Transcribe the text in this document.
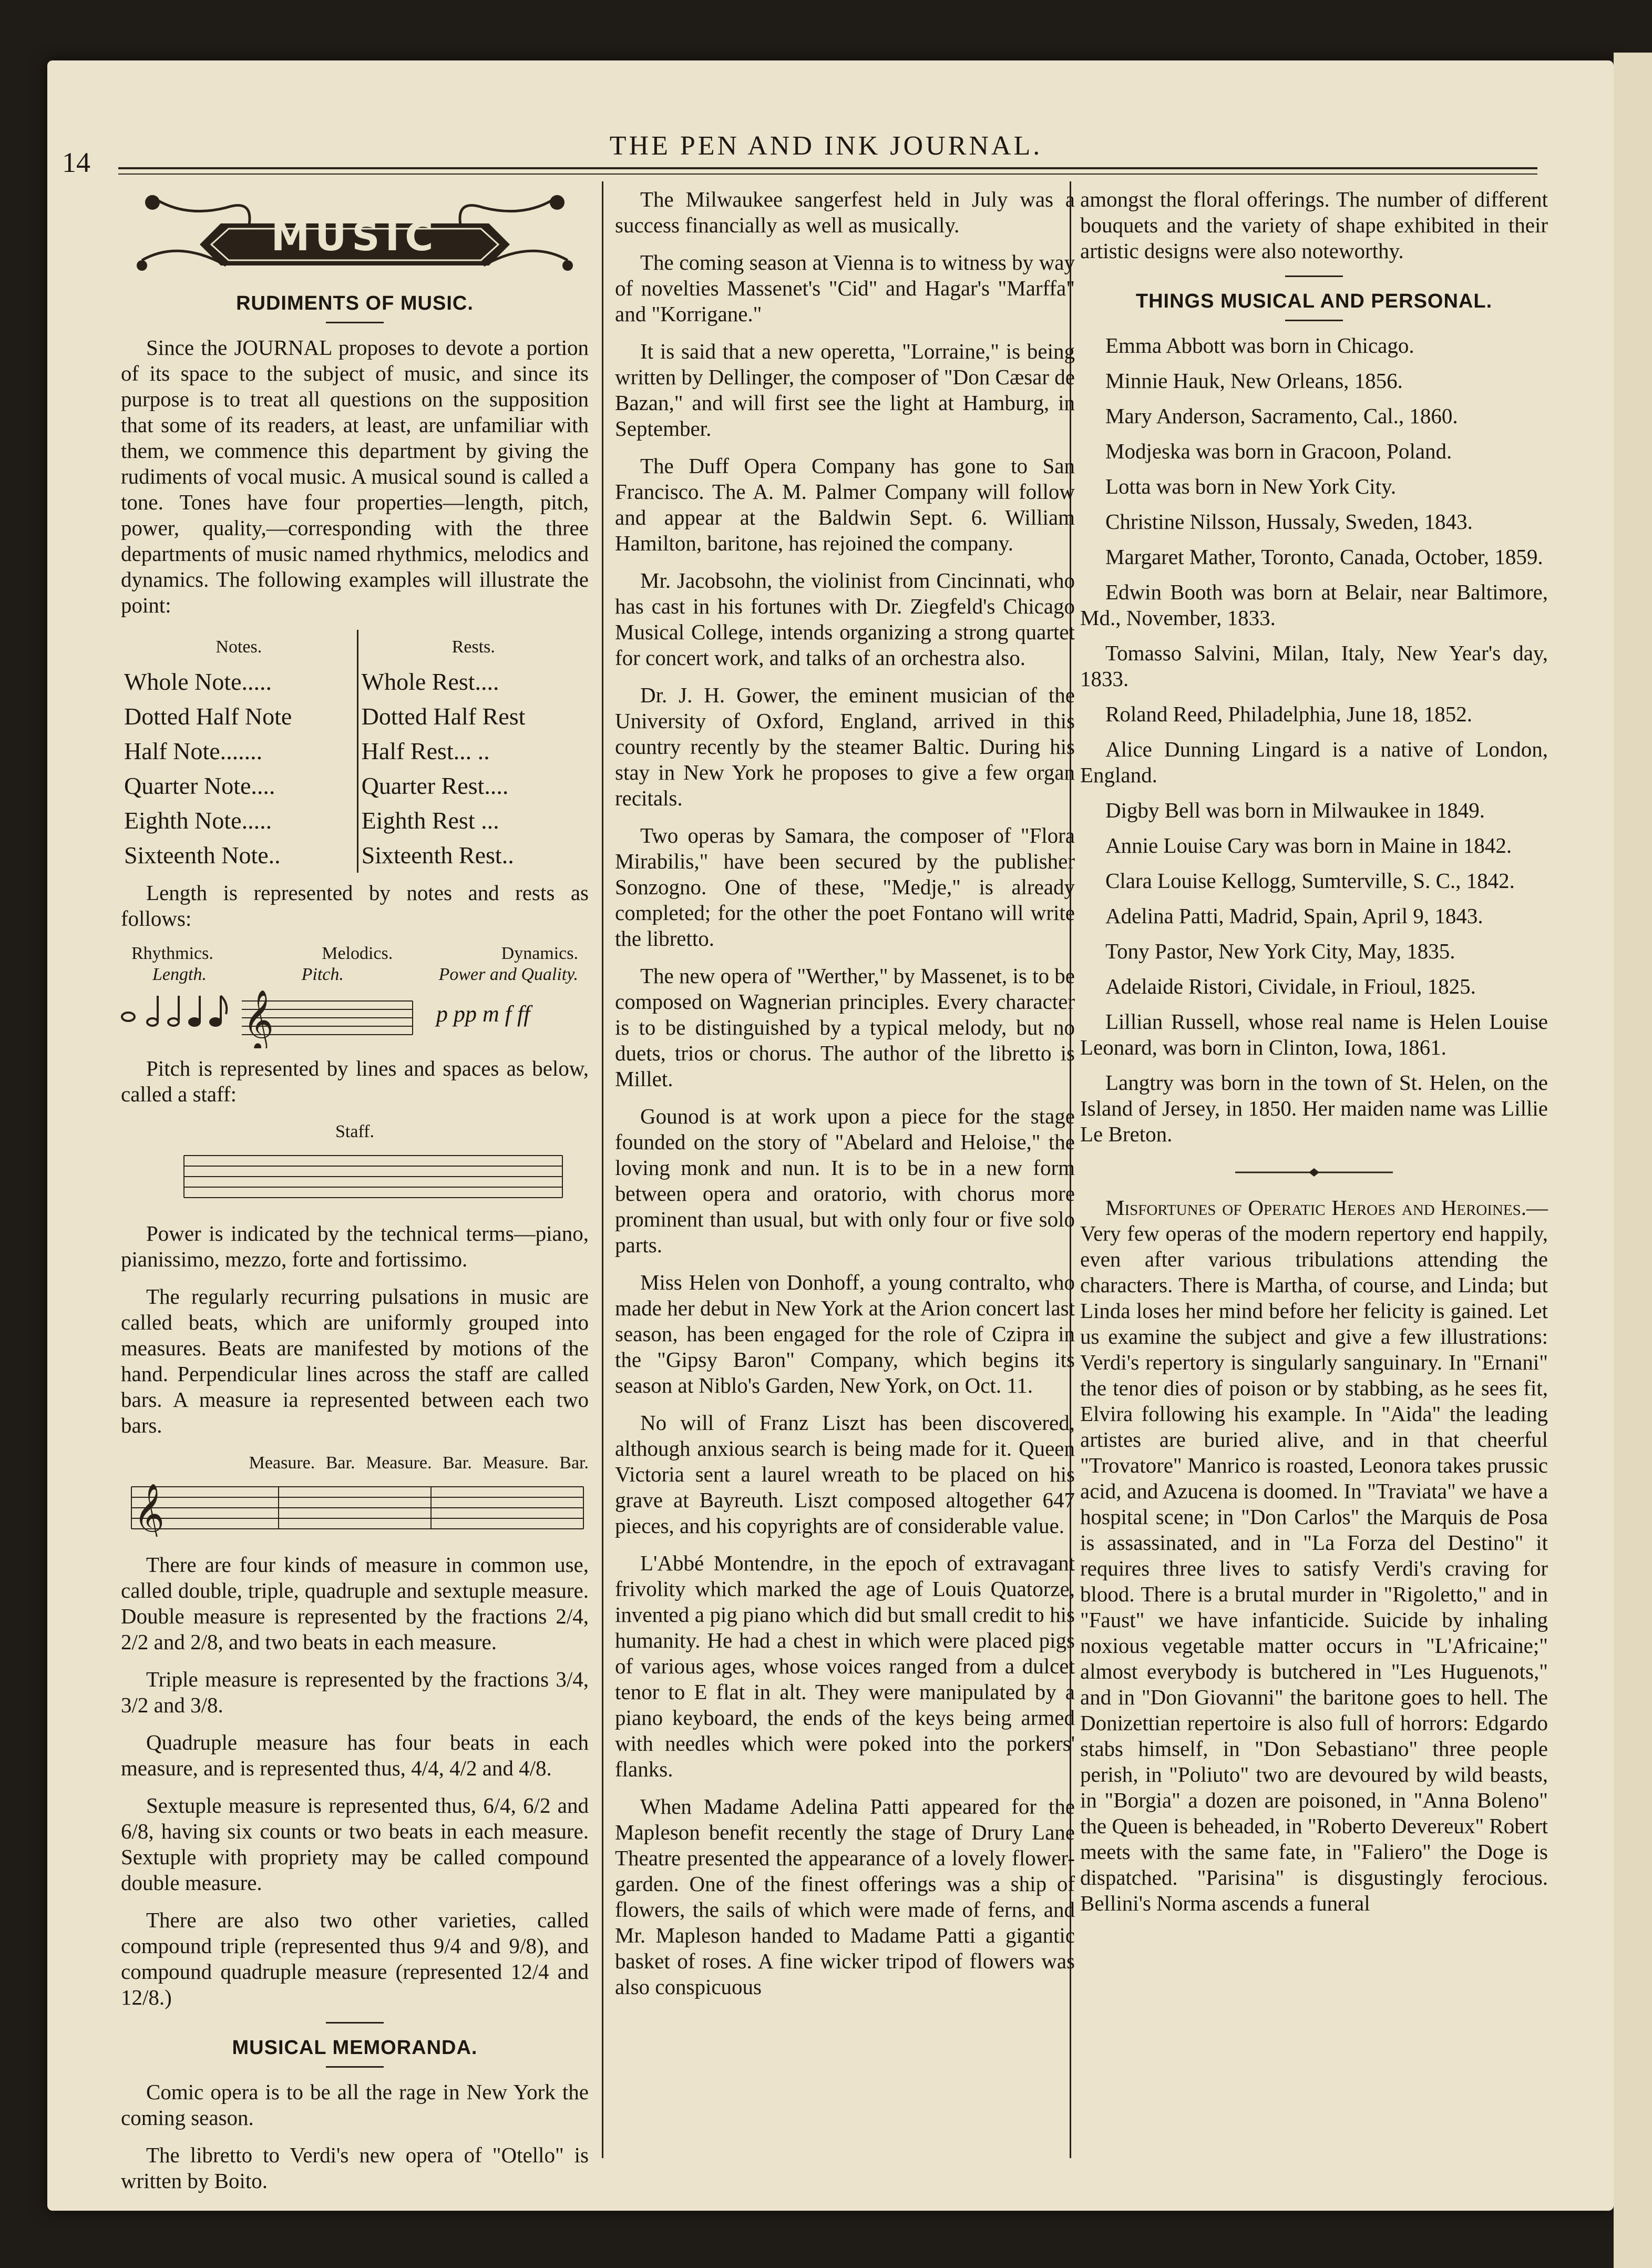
14
THE PEN AND INK JOURNAL.
MUSIC
RUDIMENTS OF MUSIC.

Since the JOURNAL proposes to devote a portion of its space to the subject of music, and since its purpose is to treat all questions on the supposition that some of its readers, at least, are unfamiliar with them, we commence this department by giving the rudiments of vocal music. A musical sound is called a tone. Tones have four properties—length, pitch, power, quality,—corresponding with the three departments of music named rhythmics, melodics and dynamics. The following examples will illustrate the point:

Notes.	Rests.
Whole Note.....	Whole Rest....
Dotted Half Note	Dotted Half Rest
Half Note.......	Half Rest... ..
Quarter Note....	Quarter Rest....
Eighth Note.....	Eighth Rest ...
Sixteenth Note..	Sixteenth Rest..

Length is represented by notes and rests as follows:

Rhythmics.	Melodics.	Dynamics.
Length.	Pitch.	Power and Quality.
𝄞	p pp m f ff

Pitch is represented by lines and spaces as below, called a staff:

Staff.

Power is indicated by the technical terms—piano, pianissimo, mezzo, forte and fortissimo.

The regularly recurring pulsations in music are called beats, which are uniformly grouped into measures. Beats are manifested by motions of the hand. Perpendicular lines across the staff are called bars. A measure ia represented between each two bars.

Measure. Bar. Measure. Bar. Measure. Bar.
𝄞

There are four kinds of measure in common use, called double, triple, quadruple and sextuple measure. Double measure is represented by the fractions 2/4, 2/2 and 2/8, and two beats in each measure.

Triple measure is represented by the fractions 3/4, 3/2 and 3/8.

Quadruple measure has four beats in each measure, and is represented thus, 4/4, 4/2 and 4/8.

Sextuple measure is represented thus, 6/4, 6/2 and 6/8, having six counts or two beats in each measure. Sextuple with propriety may be called compound double measure.

There are also two other varieties, called compound triple (represented thus 9/4 and 9/8), and compound quadruple measure (represented 12/4 and 12/8.)

MUSICAL MEMORANDA.

Comic opera is to be all the rage in New York the coming season.

The libretto to Verdi's new opera of "Otello" is written by Boito.

The Milwaukee sangerfest held in July was a success financially as well as musically.

The coming season at Vienna is to witness by way of novelties Massenet's "Cid" and Hagar's "Marffa" and "Korrigane."

It is said that a new operetta, "Lorraine," is being written by Dellinger, the composer of "Don Cæsar de Bazan," and will first see the light at Hamburg, in September.

The Duff Opera Company has gone to San Francisco. The A. M. Palmer Company will follow and appear at the Baldwin Sept. 6. William Hamilton, baritone, has rejoined the company.

Mr. Jacobsohn, the violinist from Cincinnati, who has cast in his fortunes with Dr. Ziegfeld's Chicago Musical College, intends organizing a strong quartet for concert work, and talks of an orchestra also.

Dr. J. H. Gower, the eminent musician of the University of Oxford, England, arrived in this country recently by the steamer Baltic. During his stay in New York he proposes to give a few organ recitals.

Two operas by Samara, the composer of "Flora Mirabilis," have been secured by the publisher Sonzogno. One of these, "Medje," is already completed; for the other the poet Fontano will write the libretto.

The new opera of "Werther," by Massenet, is to be composed on Wagnerian principles. Every character is to be distinguished by a typical melody, but no duets, trios or chorus. The author of the libretto is Millet.

Gounod is at work upon a piece for the stage founded on the story of "Abelard and Heloise," the loving monk and nun. It is to be in a new form between opera and oratorio, with chorus more prominent than usual, but with only four or five solo parts.

Miss Helen von Donhoff, a young contralto, who made her debut in New York at the Arion concert last season, has been engaged for the role of Czipra in the "Gipsy Baron" Company, which begins its season at Niblo's Garden, New York, on Oct. 11.

No will of Franz Liszt has been discovered, although anxious search is being made for it. Queen Victoria sent a laurel wreath to be placed on his grave at Bayreuth. Liszt composed altogether 647 pieces, and his copyrights are of considerable value.

L'Abbé Montendre, in the epoch of extravagant frivolity which marked the age of Louis Quatorze, invented a pig piano which did but small credit to his humanity. He had a chest in which were placed pigs of various ages, whose voices ranged from a dulcet tenor to E flat in alt. They were manipulated by a piano keyboard, the ends of the keys being armed with needles which were poked into the porkers' flanks.

When Madame Adelina Patti appeared for the Mapleson benefit recently the stage of Drury Lane Theatre presented the appearance of a lovely flower-garden. One of the finest offerings was a ship of flowers, the sails of which were made of ferns, and Mr. Mapleson handed to Madame Patti a gigantic basket of roses. A fine wicker tripod of flowers was also conspicuous

amongst the floral offerings. The number of different bouquets and the variety of shape exhibited in their artistic designs were also noteworthy.

THINGS MUSICAL AND PERSONAL.

Emma Abbott was born in Chicago.

Minnie Hauk, New Orleans, 1856.

Mary Anderson, Sacramento, Cal., 1860.

Modjeska was born in Gracoon, Poland.

Lotta was born in New York City.

Christine Nilsson, Hussaly, Sweden, 1843.

Margaret Mather, Toronto, Canada, October, 1859.

Edwin Booth was born at Belair, near Baltimore, Md., November, 1833.

Tomasso Salvini, Milan, Italy, New Year's day, 1833.

Roland Reed, Philadelphia, June 18, 1852.

Alice Dunning Lingard is a native of London, England.

Digby Bell was born in Milwaukee in 1849.

Annie Louise Cary was born in Maine in 1842.

Clara Louise Kellogg, Sumterville, S. C., 1842.

Adelina Patti, Madrid, Spain, April 9, 1843.

Tony Pastor, New York City, May, 1835.

Adelaide Ristori, Cividale, in Frioul, 1825.

Lillian Russell, whose real name is Helen Louise Leonard, was born in Clinton, Iowa, 1861.

Langtry was born in the town of St. Helen, on the Island of Jersey, in 1850. Her maiden name was Lillie Le Breton.

Misfortunes of Operatic Heroes and Heroines.—Very few operas of the modern repertory end happily, even after various tribulations attending the characters. There is Martha, of course, and Linda; but Linda loses her mind before her felicity is gained. Let us examine the subject and give a few illustrations: Verdi's repertory is singularly sanguinary. In "Ernani" the tenor dies of poison or by stabbing, as he sees fit, Elvira following his example. In "Aida" the leading artistes are buried alive, and in that cheerful "Trovatore" Manrico is roasted, Leonora takes prussic acid, and Azucena is doomed. In "Traviata" we have a hospital scene; in "Don Carlos" the Marquis de Posa is assassinated, and in "La Forza del Destino" it requires three lives to satisfy Verdi's craving for blood. There is a brutal murder in "Rigoletto," and in "Faust" we have infanticide. Suicide by inhaling noxious vegetable matter occurs in "L'Africaine;" almost everybody is butchered in "Les Huguenots," and in "Don Giovanni" the baritone goes to hell. The Donizettian repertoire is also full of horrors: Edgardo stabs himself, in "Don Sebastiano" three people perish, in "Poliuto" two are devoured by wild beasts, in "Borgia" a dozen are poisoned, in "Anna Boleno" the Queen is beheaded, in "Roberto Devereux" Robert meets with the same fate, in "Faliero" the Doge is dispatched. "Parisina" is disgustingly ferocious. Bellini's Norma ascends a funeral
